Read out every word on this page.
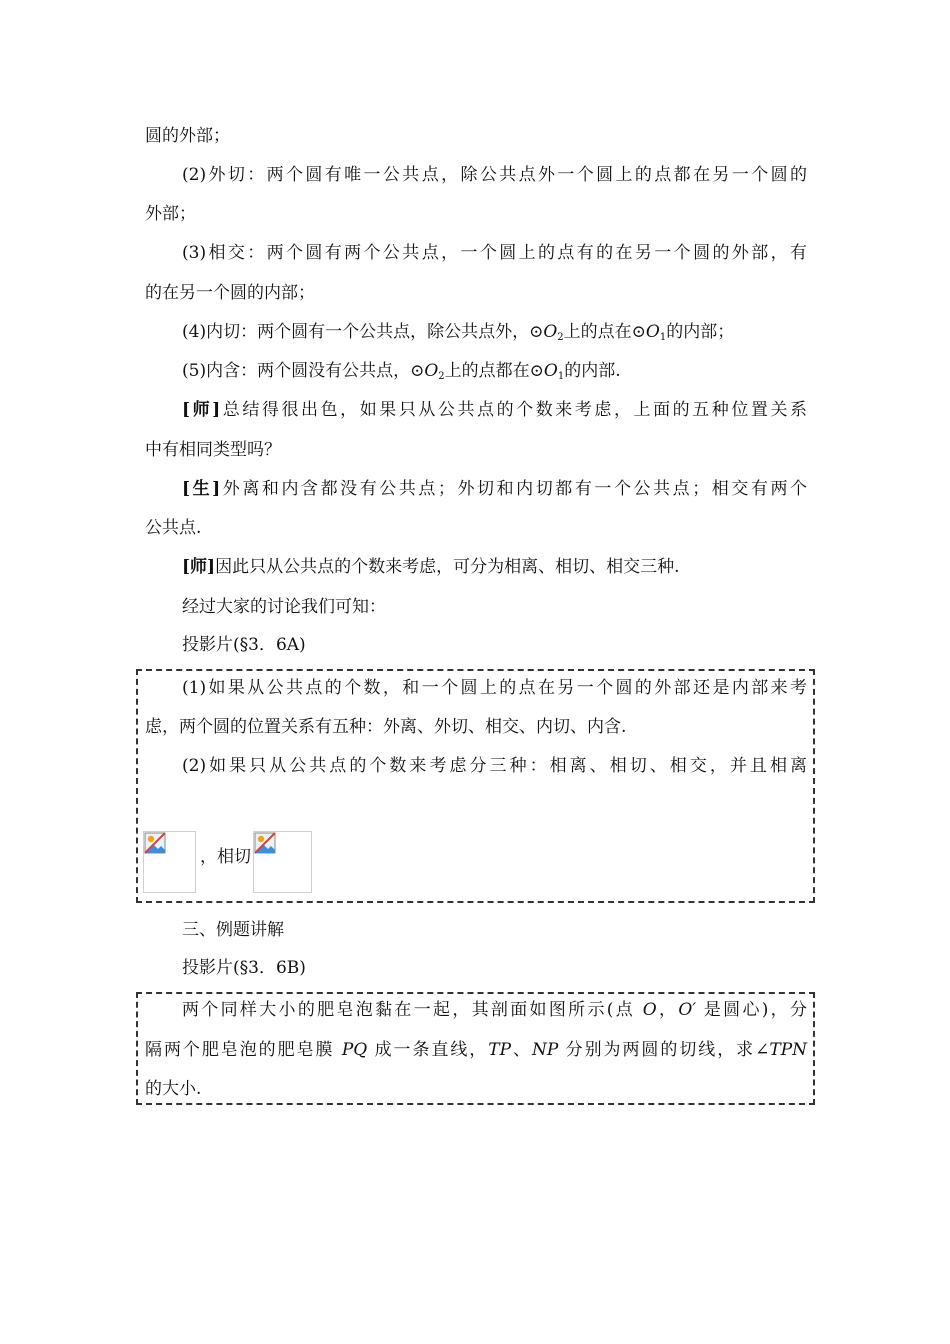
圆的外部；
(2)外切：两个圆有唯一公共点，除公共点外一个圆上的点都在另一个圆的
外部；
(3)相交：两个圆有两个公共点，一个圆上的点有的在另一个圆的外部，有
的在另一个圆的内部；
(4)内切：两个圆有一个公共点，除公共点外，$⊙O_2$上的点在$⊙O_1$的内部；
(5)内含：两个圆没有公共点，$⊙O_2$上的点都在$⊙O_1$的内部.
[师]总结得很出色，如果只从公共点的个数来考虑，上面的五种位置关系
中有相同类型吗？
[生]外离和内含都没有公共点；外切和内切都有一个公共点；相交有两个
公共点.
[师]因此只从公共点的个数来考虑，可分为相离、相切、相交三种.
经过大家的讨论我们可知：
投影片(§3．6A)
(1)如果从公共点的个数，和一个圆上的点在另一个圆的外部还是内部来考
虑，两个圆的位置关系有五种：外离、外切、相交、内切、内含.
(2)如果只从公共点的个数来考虑分三种：相离、相切、相交，并且相离
，相切
三、例题讲解
投影片(§3．6B)
两个同样大小的肥皂泡黏在一起，其剖面如图所示(点 O，O′ 是圆心)，分
隔两个肥皂泡的肥皂膜 PQ 成一条直线，TP、NP 分别为两圆的切线，求∠TPN
的大小.
